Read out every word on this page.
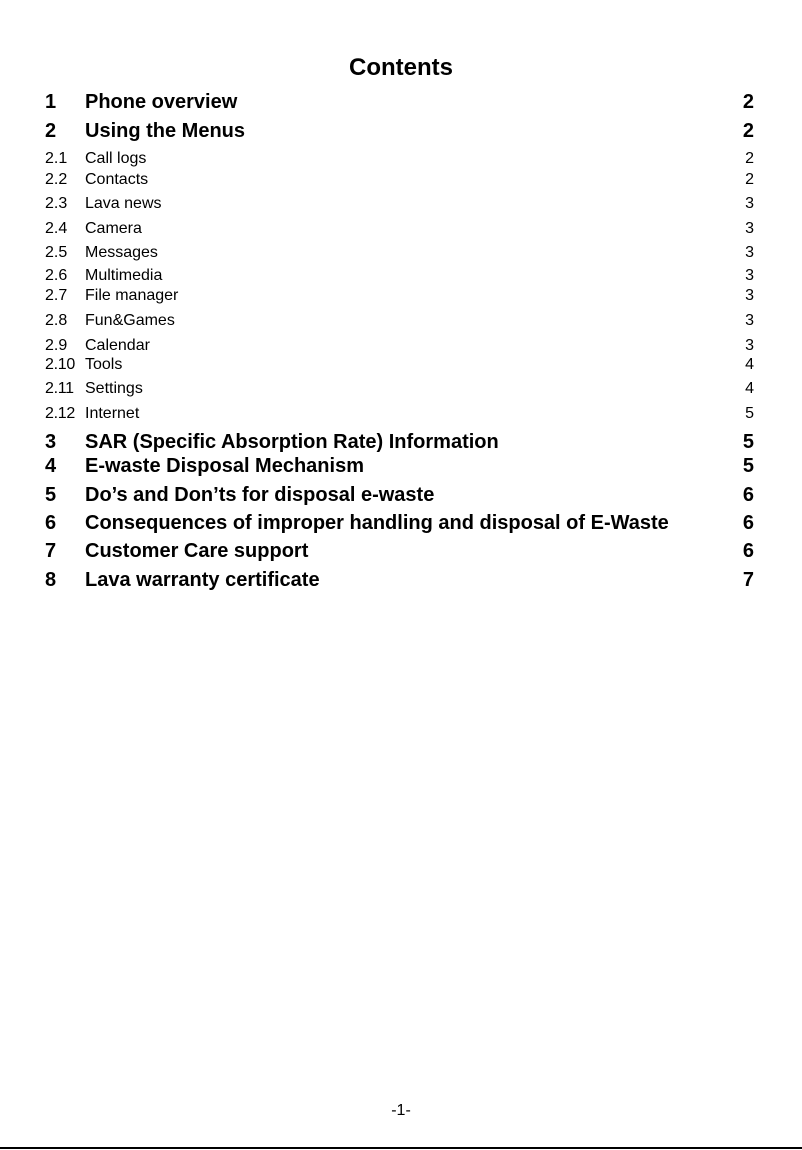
Contents
1	Phone overview	2
2	Using the Menus	2
2.1	Call logs	2
2.2	Contacts	2
2.3	Lava news	3
2.4	Camera	3
2.5	Messages	3
2.6	Multimedia	3
2.7	File manager	3
2.8	Fun&Games	3
2.9	Calendar	3
2.10 Tools	4
2.11 Settings	4
2.12 Internet	5
3	SAR (Specific Absorption Rate) Information	5
4	E-waste Disposal Mechanism	5
5	Do’s and Don’ts for disposal e-waste	6
6	Consequences of improper handling and disposal of E-Waste	6
7	Customer Care support	6
8	Lava warranty certificate	7
-1-
